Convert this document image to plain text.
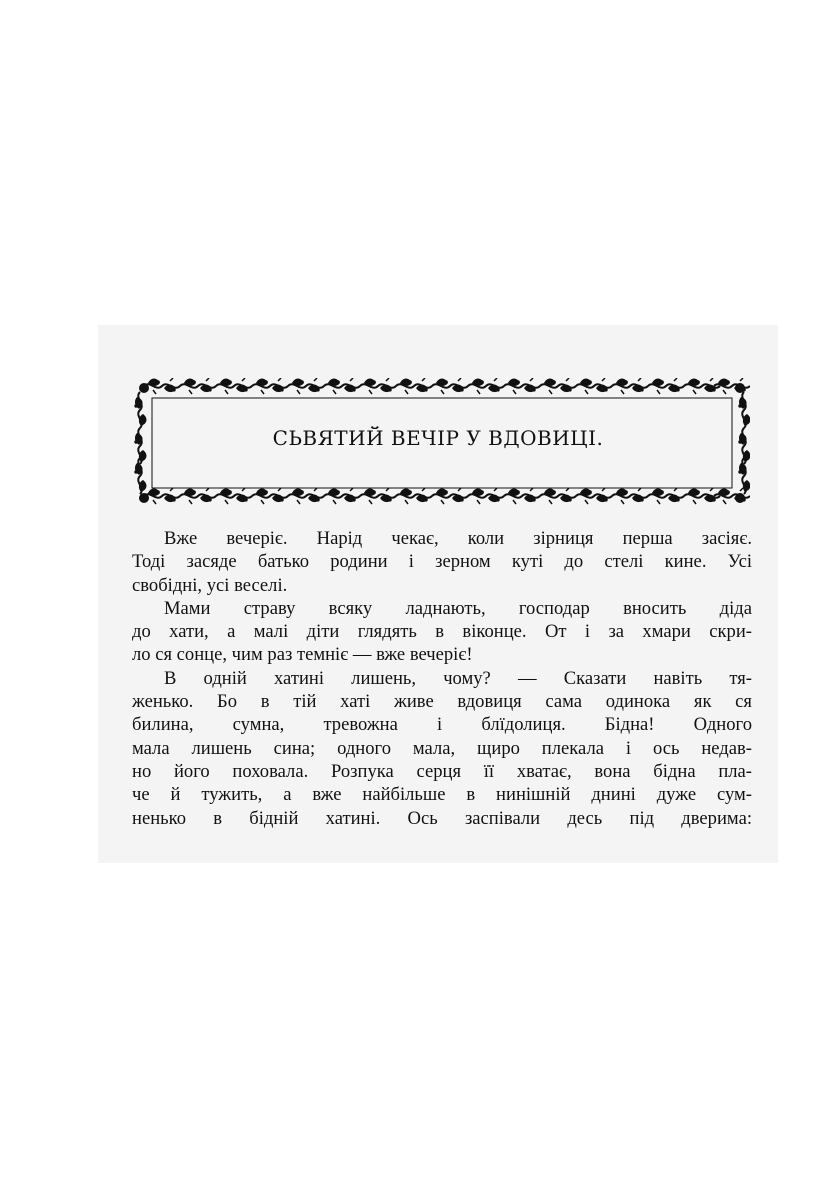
СЬВЯТИЙ ВЕЧІР У ВДОВИЦІ.
Вже вечеріє. Нарід чекає, коли зірниця перша засіяє.
Тоді засяде батько родини і зерном куті до стелі кине. Усі
свобідні, усі веселі.
Мами страву всяку ладнають, господар вносить діда
до хати, а малі діти глядять в віконце. От і за хмари скри-
ло ся сонце, чим раз темніє — вже вечеріє!
В одній хатині лишень, чому? — Сказати навіть тя-
женько. Бо в тій хаті живе вдовиця сама одинока як ся
билина, сумна, тревожна і блїдолиця. Бідна! Одного
мала лишень сина; одного мала, щиро плекала і ось недав-
но його поховала. Розпука серця її хватає, вона бідна пла-
че й тужить, а вже найбільше в нинішній днині дуже сум-
ненько в бідній хатині. Ось заспівали десь під дверима:
